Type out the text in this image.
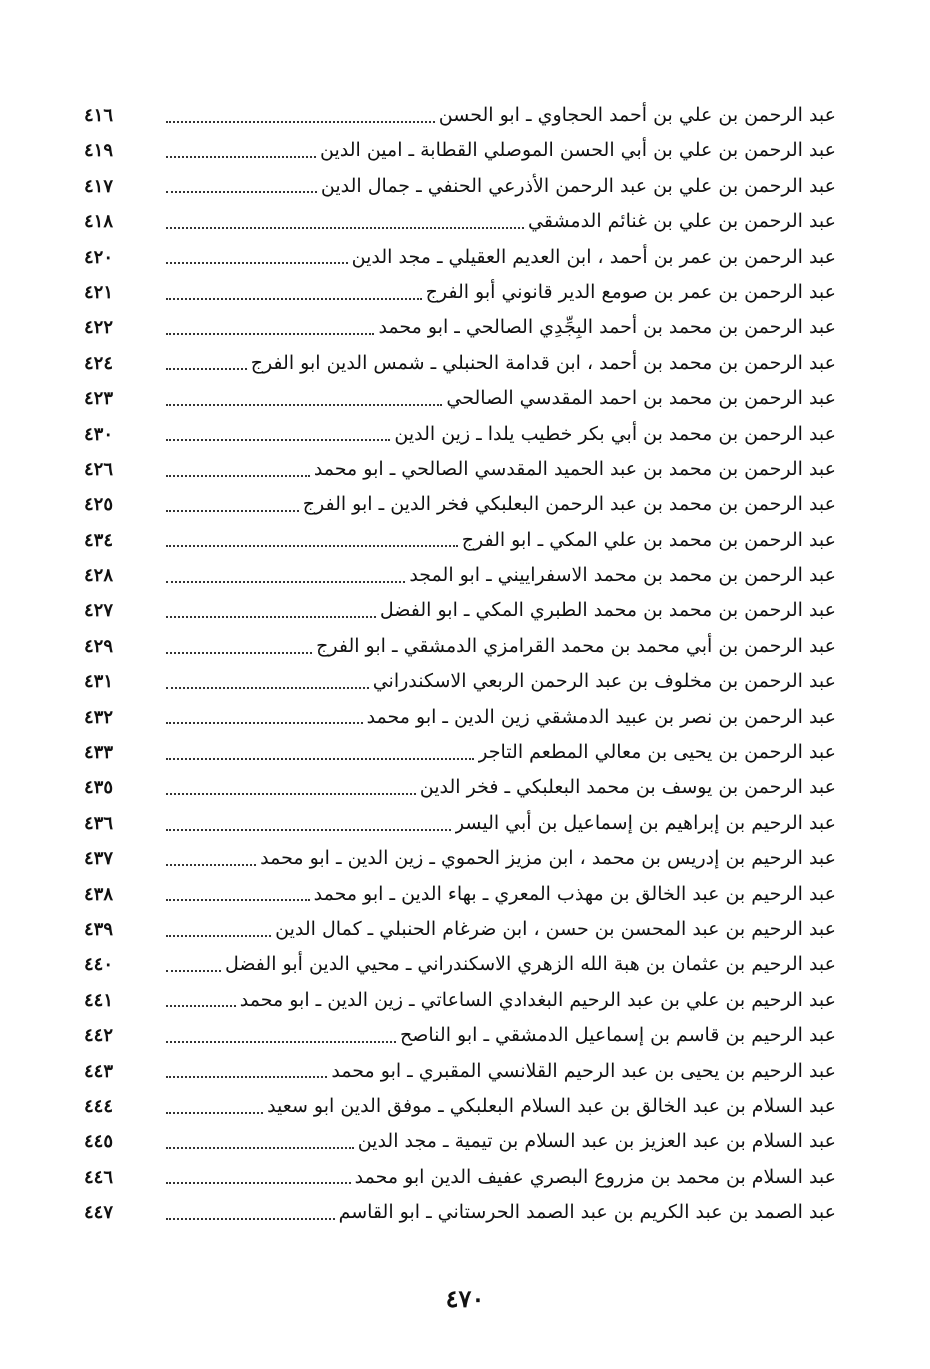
٤١٦	عبد الرحمن بن علي بن أحمد الحجاوي ـ ابو الحسن
٤١٩	عبد الرحمن بن علي بن أبي الحسن الموصلي القطابة ـ امين الدين
٤١٧	عبد الرحمن بن علي بن عبد الرحمن الأذرعي الحنفي ـ جمال الدين
٤١٨	عبد الرحمن بن علي بن غنائم الدمشقي
٤٢٠	عبد الرحمن بن عمر بن أحمد ، ابن العديم العقيلي ـ مجد الدين
٤٢١	عبد الرحمن بن عمر بن صومع الدير قانوني أبو الفرج
٤٢٢	عبد الرحمن بن محمد بن أحمد البِجِّدِي الصالحي ـ ابو محمد
٤٢٤	عبد الرحمن بن محمد بن أحمد ، ابن قدامة الحنبلي ـ شمس الدين ابو الفرج
٤٢٣	عبد الرحمن بن محمد بن احمد المقدسي الصالحي
٤٣٠	عبد الرحمن بن محمد بن أبي بكر خطيب يلدا ـ زين الدين
٤٢٦	عبد الرحمن بن محمد بن عبد الحميد المقدسي الصالحي ـ ابو محمد
٤٢٥	عبد الرحمن بن محمد بن عبد الرحمن البعلبكي فخر الدين ـ ابو الفرج
٤٣٤	عبد الرحمن بن محمد بن علي المكي ـ ابو الفرج
٤٢٨	عبد الرحمن بن محمد بن محمد الاسفراييني ـ ابو المجد
٤٢٧	عبد الرحمن بن محمد بن محمد الطبري المكي ـ ابو الفضل
٤٢٩	عبد الرحمن بن أبي محمد بن محمد القرامزي الدمشقي ـ ابو الفرج
٤٣١	عبد الرحمن بن مخلوف بن عبد الرحمن الربعي الاسكندراني
٤٣٢	عبد الرحمن بن نصر بن عبيد الدمشقي زين الدين ـ ابو محمد
٤٣٣	عبد الرحمن بن يحيى بن معالي المطعم التاجر
٤٣٥	عبد الرحمن بن يوسف بن محمد البعلبكي ـ فخر الدين
٤٣٦	عبد الرحيم بن إبراهيم بن إسماعيل بن أبي اليسر
٤٣٧	عبد الرحيم بن إدريس بن محمد ، ابن مزيز الحموي ـ زين الدين ـ ابو محمد
٤٣٨	عبد الرحيم بن عبد الخالق بن مهذب المعري ـ بهاء الدين ـ ابو محمد
٤٣٩	عبد الرحيم بن عبد المحسن بن حسن ، ابن ضرغام الحنبلي ـ كمال الدين
٤٤٠	عبد الرحيم بن عثمان بن هبة الله الزهري الاسكندراني ـ محيي الدين أبو الفضل
٤٤١	عبد الرحيم بن علي بن عبد الرحيم البغدادي الساعاتي ـ زين الدين ـ ابو محمد
٤٤٢	عبد الرحيم بن قاسم بن إسماعيل الدمشقي ـ ابو الناصح
٤٤٣	عبد الرحيم بن يحيى بن عبد الرحيم القلانسي المقبري ـ ابو محمد
٤٤٤	عبد السلام بن عبد الخالق بن عبد السلام البعلبكي ـ موفق الدين ابو سعيد
٤٤٥	عبد السلام بن عبد العزيز بن عبد السلام بن تيمية ـ مجد الدين
٤٤٦	عبد السلام بن محمد بن مزروع البصري عفيف الدين ابو محمد
٤٤٧	عبد الصمد بن عبد الكريم بن عبد الصمد الحرستاني ـ ابو القاسم
٤٧٠
